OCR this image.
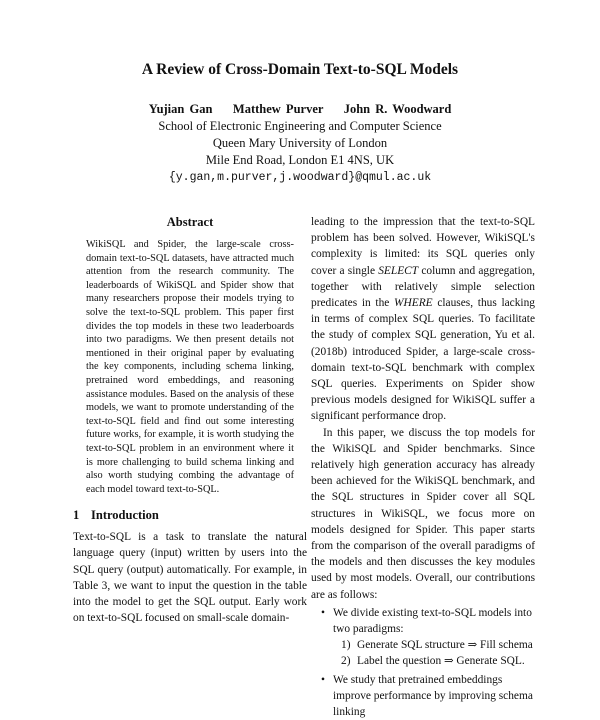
A Review of Cross-Domain Text-to-SQL Models
Yujian Gan    Matthew Purver    John R. Woodward
School of Electronic Engineering and Computer Science
Queen Mary University of London
Mile End Road, London E1 4NS, UK
{y.gan,m.purver,j.woodward}@qmul.ac.uk
Abstract

WikiSQL and Spider, the large-scale cross-domain text-to-SQL datasets, have attracted much attention from the research community. The leaderboards of WikiSQL and Spider show that many researchers propose their models trying to solve the text-to-SQL problem. This paper first divides the top models in these two leaderboards into two paradigms. We then present details not mentioned in their original paper by evaluating the key components, including schema linking, pretrained word embeddings, and reasoning assistance modules. Based on the analysis of these models, we want to promote understanding of the text-to-SQL field and find out some interesting future works, for example, it is worth studying the text-to-SQL problem in an environment where it is more challenging to build schema linking and also worth studying combing the advantage of each model toward text-to-SQL.

1 Introduction

Text-to-SQL is a task to translate the natural language query (input) written by users into the SQL query (output) automatically. For example, in Table 3, we want to input the question in the table into the model to get the SQL output. Early work on text-to-SQL focused on small-scale domain-

leading to the impression that the text-to-SQL problem has been solved. However, WikiSQL's complexity is limited: its SQL queries only cover a single SELECT column and aggregation, together with relatively simple selection predicates in the WHERE clauses, thus lacking in terms of complex SQL queries. To facilitate the study of complex SQL generation, Yu et al. (2018b) introduced Spider, a large-scale cross-domain text-to-SQL benchmark with complex SQL queries. Experiments on Spider show previous models designed for WikiSQL suffer a significant performance drop.

In this paper, we discuss the top models for the WikiSQL and Spider benchmarks. Since relatively high generation accuracy has already been achieved for the WikiSQL benchmark, and the SQL structures in Spider cover all SQL structures in WikiSQL, we focus more on models designed for Spider. This paper starts from the comparison of the overall paradigms of the models and then discusses the key modules used by most models. Overall, our contributions are as follows:

• We divide existing text-to-SQL models into two paradigms:
1) Generate SQL structure ⇒ Fill schema
2) Label the question ⇒ Generate SQL.
• We study that pretrained embeddings improve performance by improving schema linking
